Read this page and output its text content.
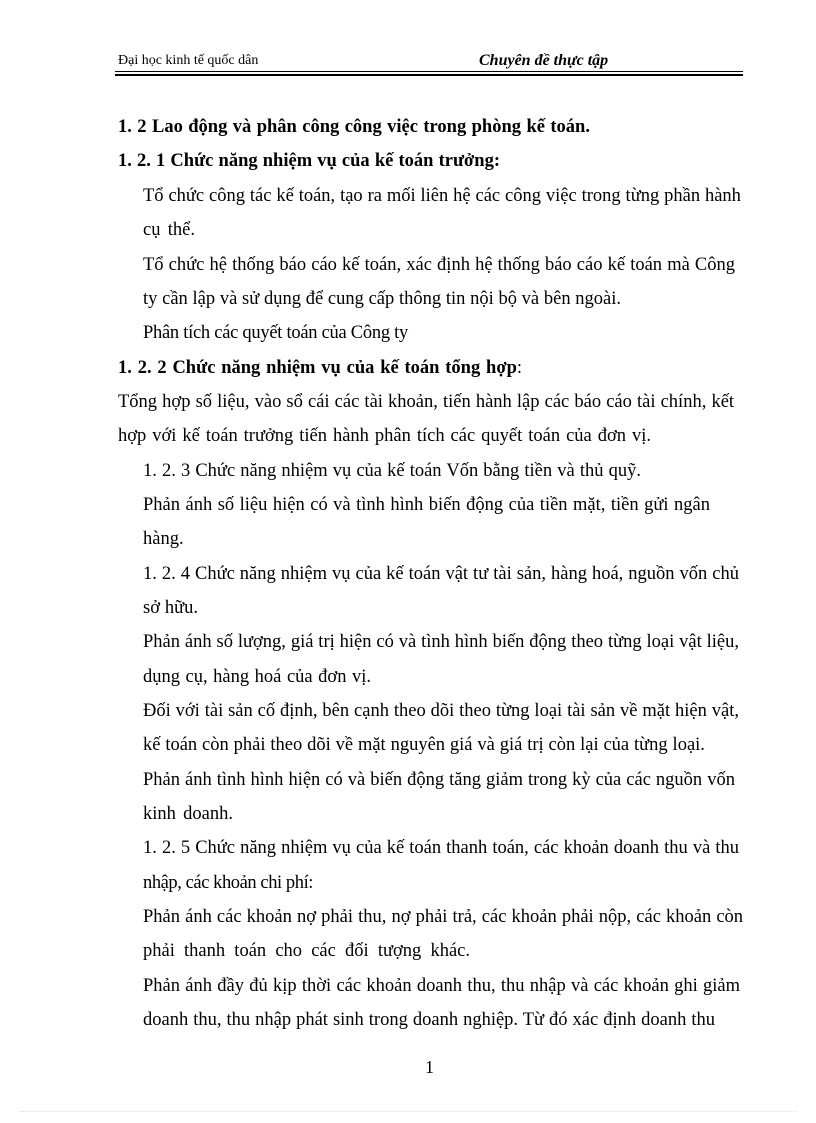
Đại học kinh tế quốc dân	Chuyên đề thực tập
1. 2 Lao động và phân công công việc trong phòng kế toán.
1. 2. 1 Chức năng nhiệm vụ của kế toán trưởng:
Tổ chức công tác kế toán, tạo ra mối liên hệ các công việc trong từng phần hành
cụ thể.
Tổ chức hệ thống báo cáo kế toán, xác định hệ thống báo cáo kế toán mà Công
ty cần lập và sử dụng để cung cấp thông tin nội bộ và bên ngoài.
Phân tích các quyết toán của Công ty
1. 2. 2 Chức năng nhiệm vụ của kế toán tổng hợp:
Tổng hợp số liệu, vào sổ cái các tài khoản, tiến hành lập các báo cáo tài chính, kết
hợp với kế toán trưởng tiến hành phân tích các quyết toán của đơn vị.
1. 2. 3 Chức năng nhiệm vụ của kế toán Vốn bằng tiền và thủ quỹ.
Phản ánh số liệu hiện có và tình hình biến động của tiền mặt, tiền gửi ngân
hàng.
1. 2. 4 Chức năng nhiệm vụ của kế toán vật tư tài sản, hàng hoá, nguồn vốn chủ
sở hữu.
Phản ánh số lượng, giá trị hiện có và tình hình biến động theo từng loại vật liệu,
dụng cụ, hàng hoá của đơn vị.
Đối với tài sản cố định, bên cạnh theo dõi theo từng loại tài sản về mặt hiện vật,
kế toán còn phải theo dõi về mặt nguyên giá và giá trị còn lại của từng loại.
Phản ánh tình hình hiện có và biến động tăng giảm trong kỳ của các nguồn vốn
kinh doanh.
1. 2. 5 Chức năng nhiệm vụ của kế toán thanh toán, các khoản doanh thu và thu
nhập, các khoản chi phí:
Phản ánh các khoản nợ phải thu, nợ phải trả, các khoản phải nộp, các khoản còn
phải thanh toán cho các đối tượng khác.
Phản ánh đầy đủ kịp thời các khoản doanh thu, thu nhập và các khoản ghi giảm
doanh thu, thu nhập phát sinh trong doanh nghiệp. Từ đó xác định doanh thu
1
